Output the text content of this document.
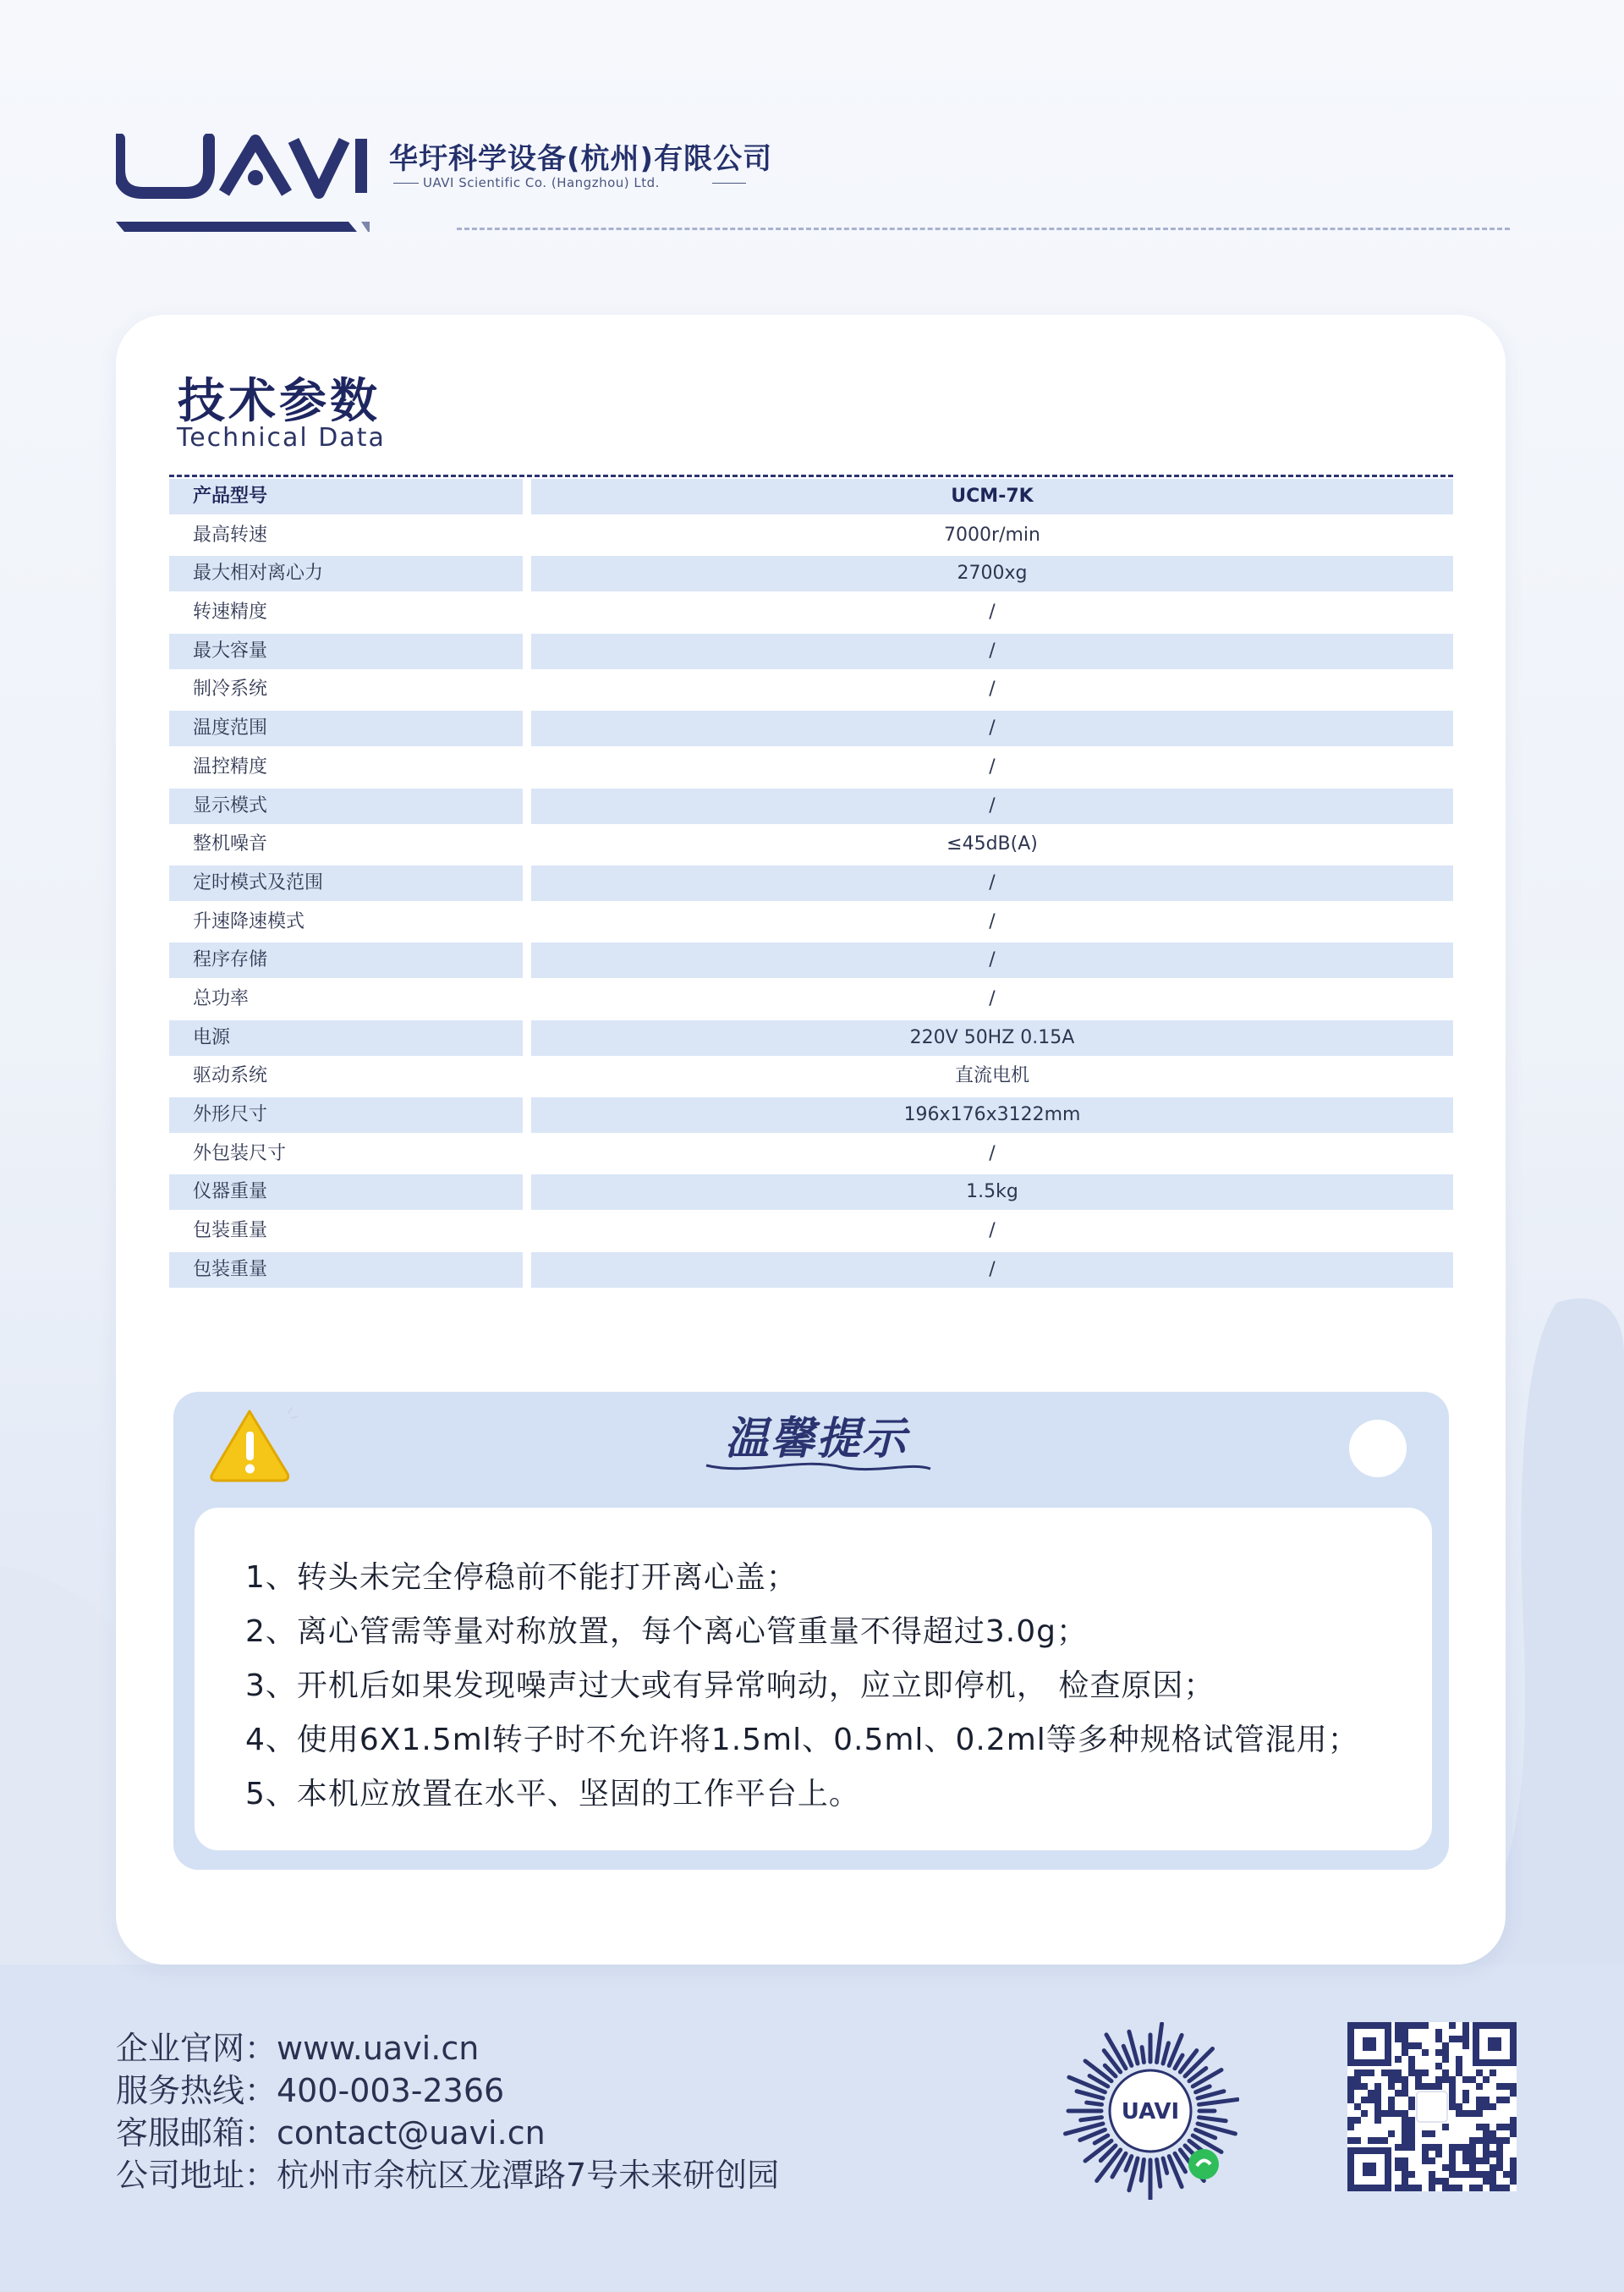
华圩科学设备(杭州)有限公司
UAVI Scientific Co. (Hangzhou) Ltd.
技术参数
Technical Data
产品型号	UCM-7K
最高转速	7000r/min
最大相对离心力	2700xg
转速精度	/
最大容量	/
制冷系统	/
温度范围	/
温控精度	/
显示模式	/
整机噪音	≤45dB(A)
定时模式及范围	/
升速降速模式	/
程序存储	/
总功率	/
电源	220V 50HZ 0.15A
驱动系统	直流电机
外形尺寸	196x176x3122mm
外包装尺寸	/
仪器重量	1.5kg
包装重量	/
包装重量	/
温馨提示
1、转头未完全停稳前不能打开离心盖；
2、离心管需等量对称放置，每个离心管重量不得超过3.0g；
3、开机后如果发现噪声过大或有异常响动，应立即停机， 检查原因；
4、使用6X1.5ml转子时不允许将1.5ml、0.5ml、0.2ml等多种规格试管混用；
5、本机应放置在水平、坚固的工作平台上。
企业官网：www.uavi.cn
服务热线：400-003-2366
客服邮箱：contact@uavi.cn
公司地址：杭州市余杭区龙潭路7号未来研创园
UAVI
